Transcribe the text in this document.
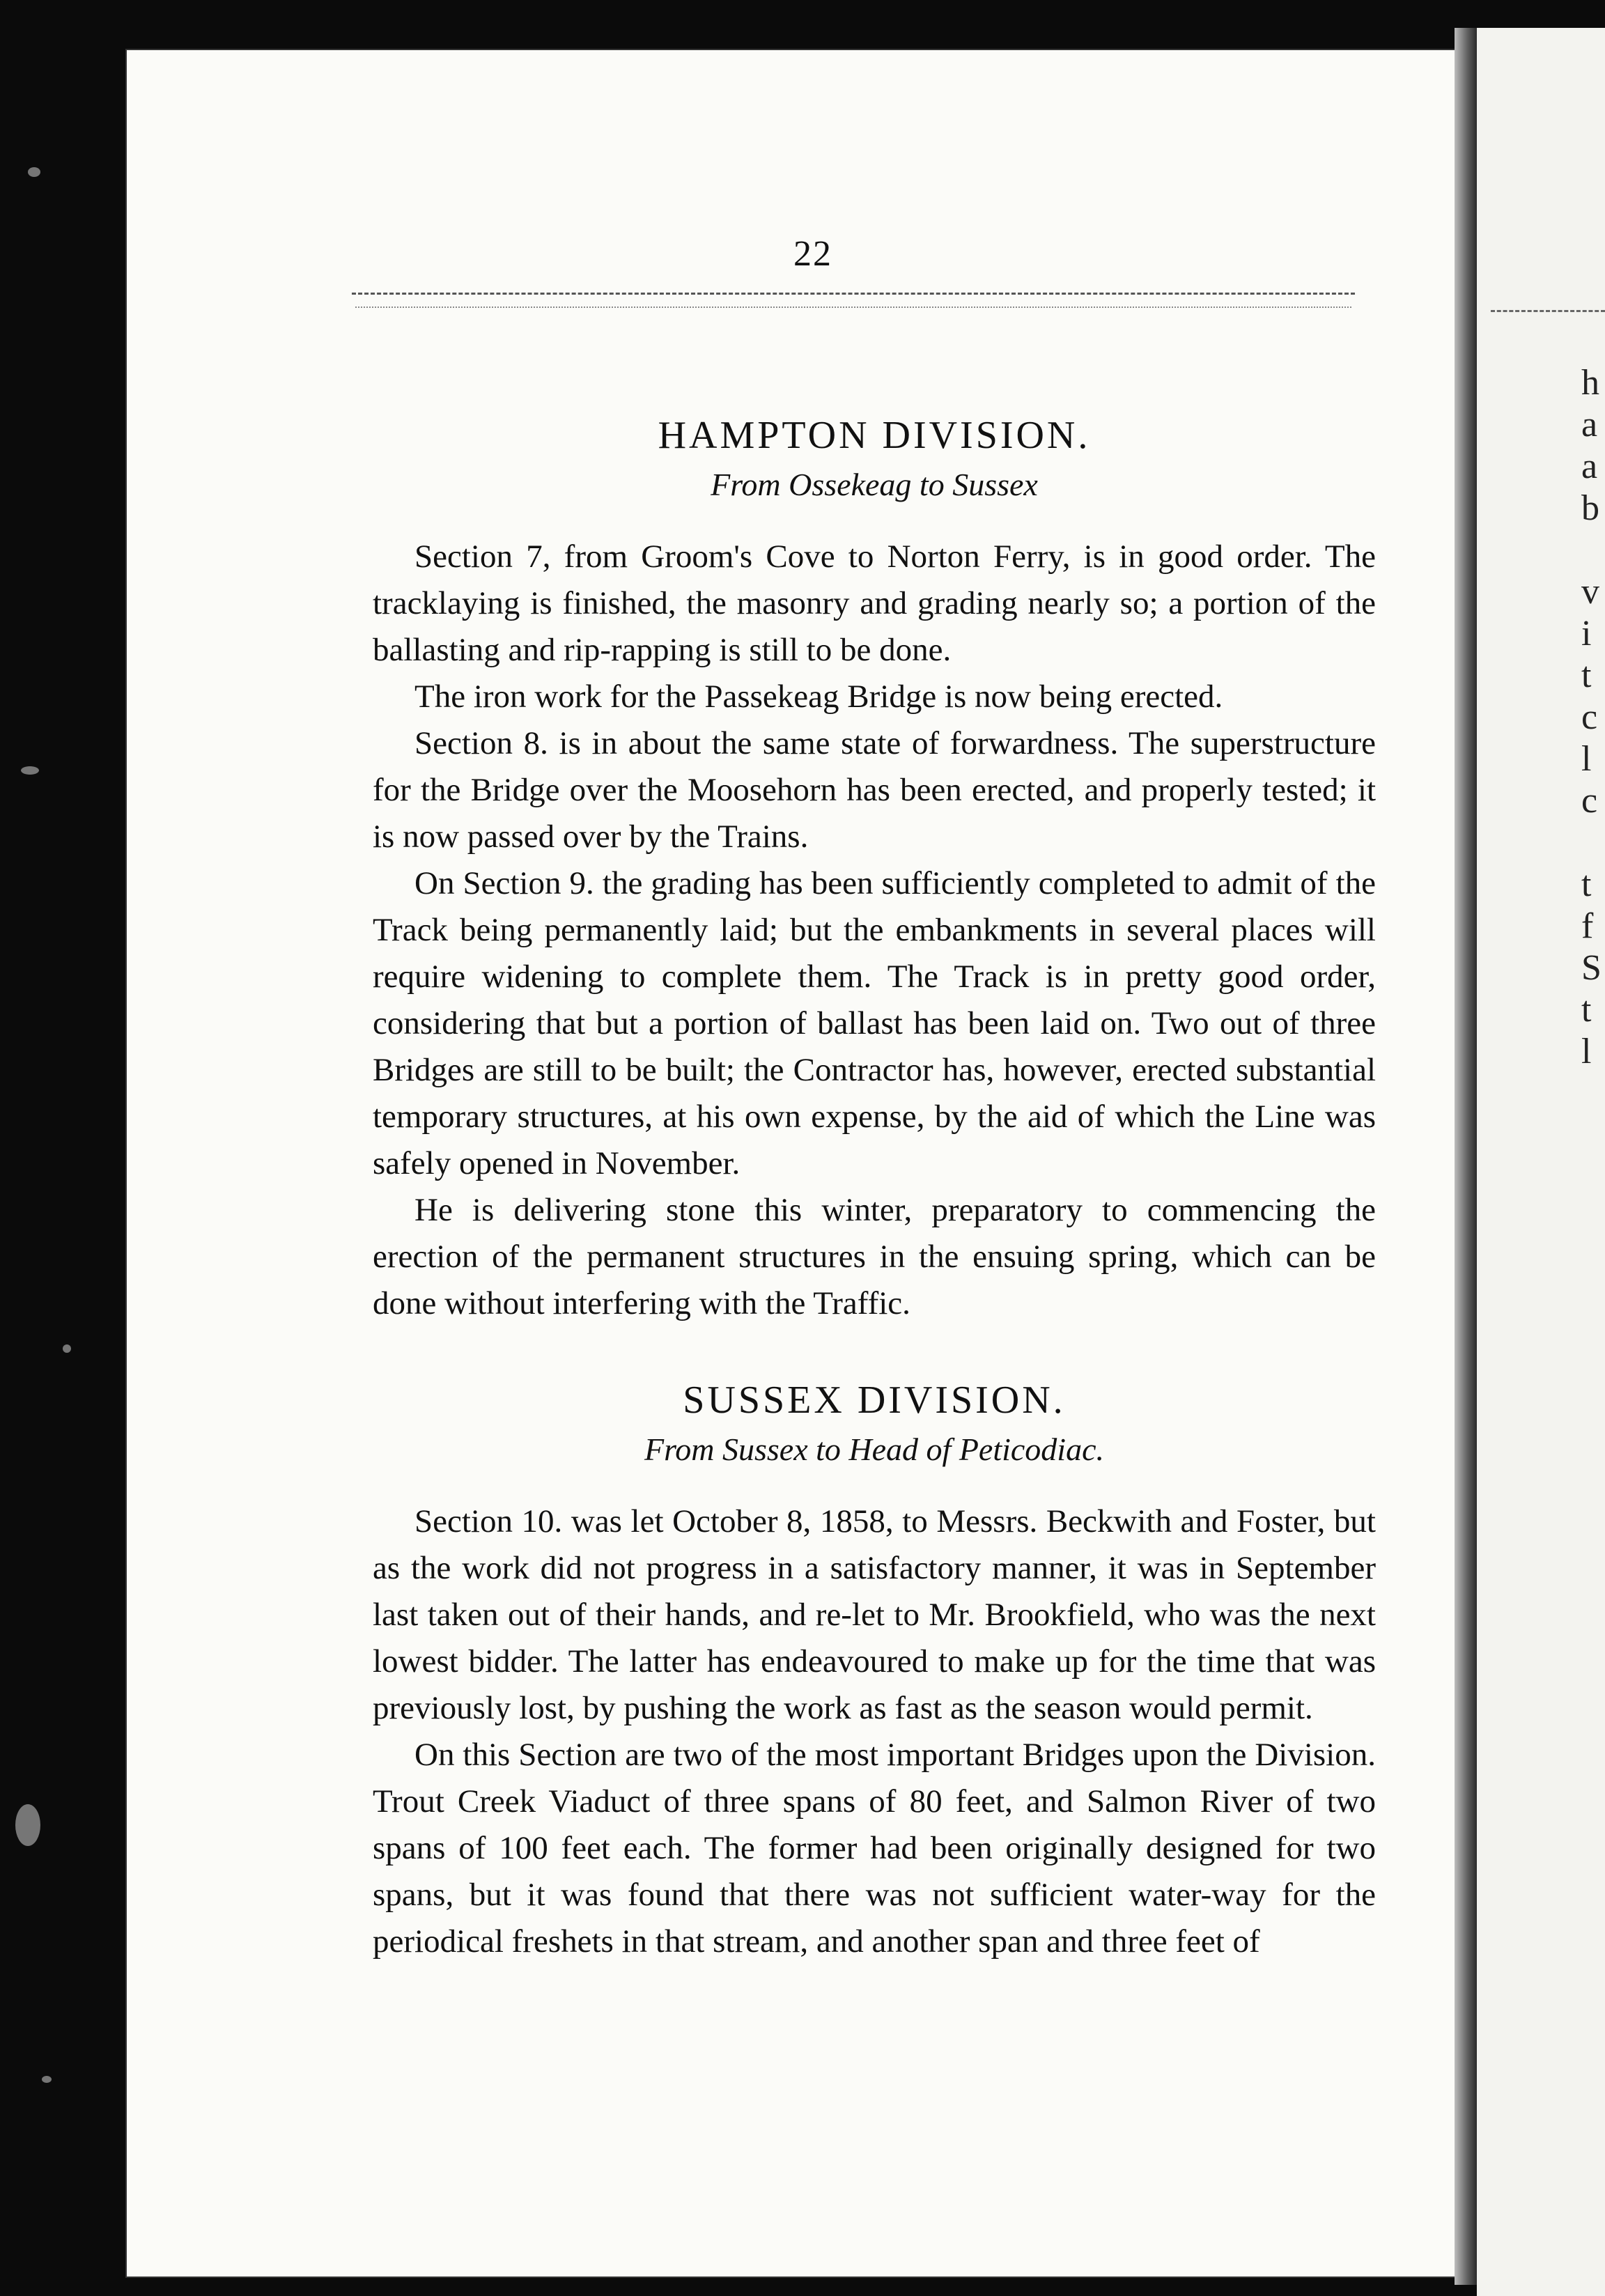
h
a
a
b

v
i
t
c
l
c

t
f
S
t
l
22
HAMPTON DIVISION.
From Ossekeag to Sussex

Section 7, from Groom's Cove to Norton Ferry, is in good order. The tracklaying is finished, the masonry and grading nearly so; a portion of the ballasting and rip-rapping is still to be done.

The iron work for the Passekeag Bridge is now being erected.

Section 8. is in about the same state of forwardness. The superstructure for the Bridge over the Moosehorn has been erected, and properly tested; it is now passed over by the Trains.

On Section 9. the grading has been sufficiently completed to admit of the Track being permanently laid; but the embankments in several places will require widening to complete them. The Track is in pretty good order, considering that but a portion of ballast has been laid on. Two out of three Bridges are still to be built; the Contractor has, however, erected substantial temporary structures, at his own expense, by the aid of which the Line was safely opened in November.

He is delivering stone this winter, preparatory to commencing the erection of the permanent structures in the ensuing spring, which can be done without interfering with the Traffic.

SUSSEX DIVISION.
From Sussex to Head of Peticodiac.

Section 10. was let October 8, 1858, to Messrs. Beckwith and Foster, but as the work did not progress in a satisfactory manner, it was in September last taken out of their hands, and re-let to Mr. Brookfield, who was the next lowest bidder. The latter has endeavoured to make up for the time that was previously lost, by pushing the work as fast as the season would permit.

On this Section are two of the most important Bridges upon the Division. Trout Creek Viaduct of three spans of 80 feet, and Salmon River of two spans of 100 feet each. The former had been originally designed for two spans, but it was found that there was not sufficient water-way for the periodical freshets in that stream, and another span and three feet of
